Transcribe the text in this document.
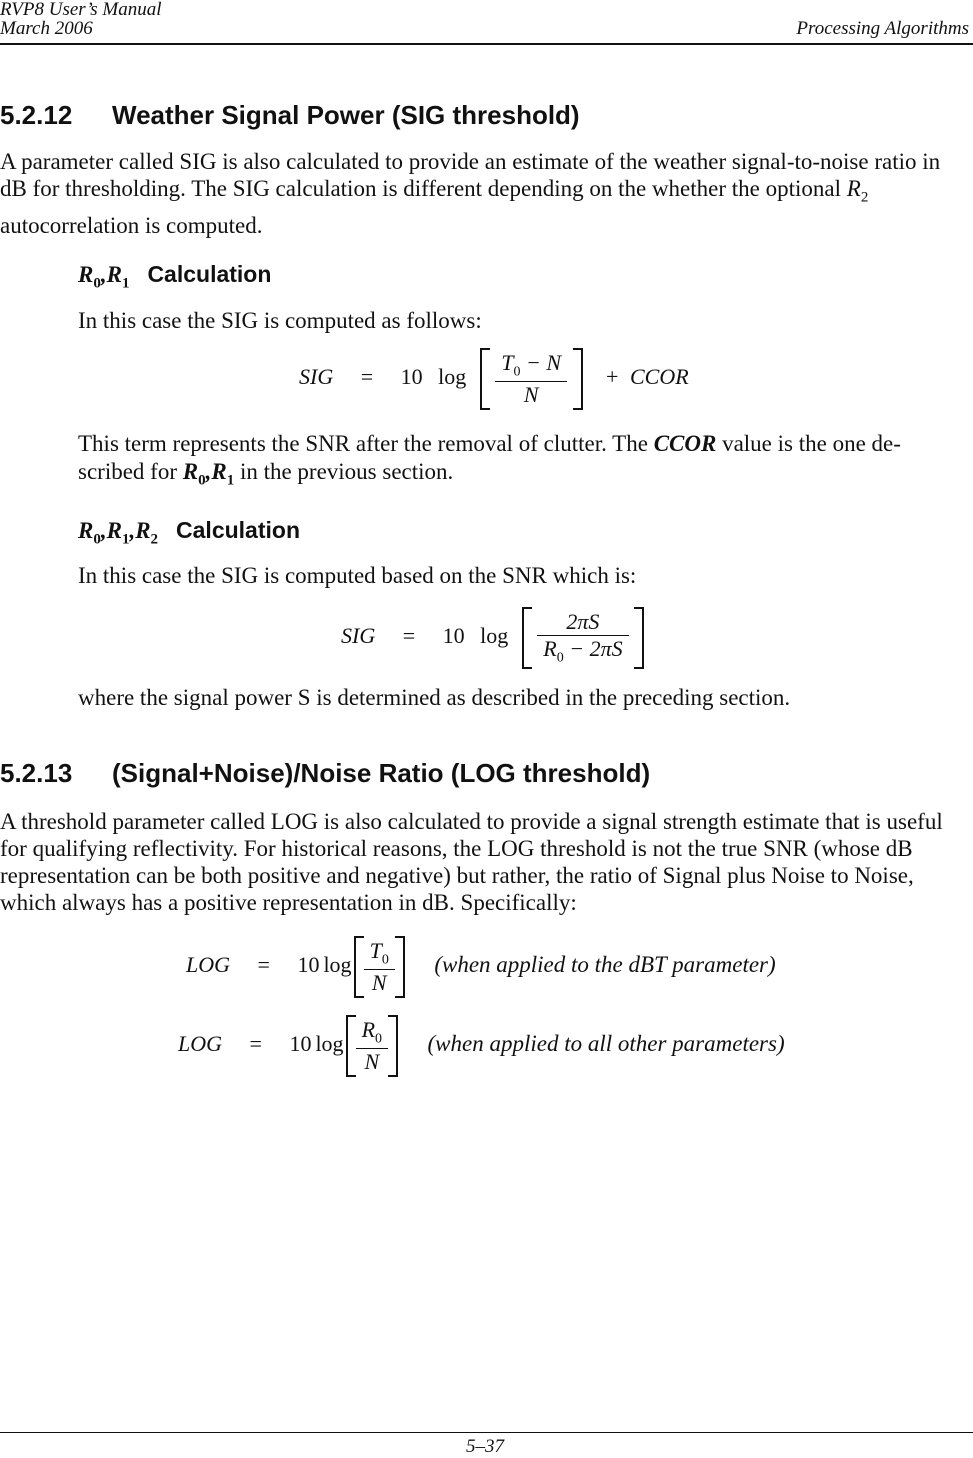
RVP8 User’s Manual
March 2006	Processing Algorithms
5.2.12 Weather Signal Power (SIG threshold)
A parameter called SIG is also calculated to provide an estimate of the weather signal-to-noise ratio in dB for thresholding. The SIG calculation is different depending on the whether the optional $R_2$ autocorrelation is computed.
$R_0,R_1$ Calculation
In this case the SIG is computed as follows:
SIG = 10 $\log \frac{T_0 - N}{N}$ + CCOR
This term represents the SNR after the removal of clutter. The CCOR value is the one de-
scribed for $R_0,R_1$ in the previous section.
$R_0,R_1,R_2$ Calculation
In this case the SIG is computed based on the SNR which is:
SIG = 10 $\log \frac{2\pi S}{R_0 - 2\pi S}$

where the signal power S is determined as described in the preceding section.
5.2.13 (Signal+Noise)/Noise Ratio (LOG threshold)
A threshold parameter called LOG is also calculated to provide a signal strength estimate that is useful for qualifying reflectivity. For historical reasons, the LOG threshold is not the true SNR (whose dB representation can be both positive and negative) but rather, the ratio of Signal plus Noise to Noise, which always has a positive representation in dB. Specifically:
LOG = 10 $\log \frac{T_0}{N}$ (when applied to the dBT parameter)
LOG = 10 $\log \frac{R_0}{N}$ (when applied to all other parameters)
5–37
